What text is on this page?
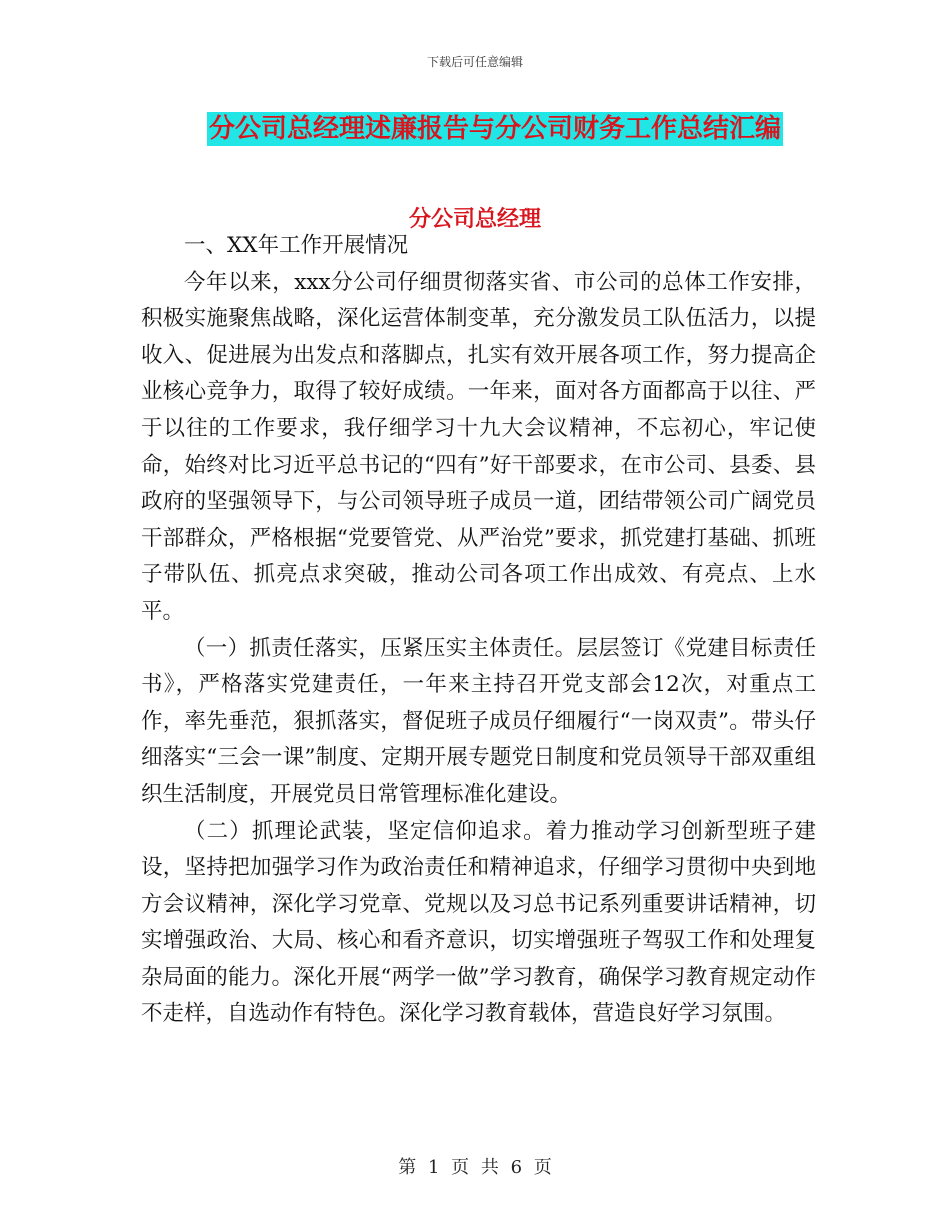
下载后可任意编辑
分公司总经理述廉报告与分公司财务工作总结汇编
分公司总经理

一、XX年工作开展情况

今年以来，xxx分公司仔细贯彻落实省、市公司的总体工作安排，积极实施聚焦战略，深化运营体制变革，充分激发员工队伍活力，以提收入、促进展为出发点和落脚点，扎实有效开展各项工作，努力提高企业核心竞争力，取得了较好成绩。一年来，面对各方面都高于以往、严于以往的工作要求，我仔细学习十九大会议精神，不忘初心，牢记使命，始终对比习近平总书记的“四有”好干部要求，在市公司、县委、县政府的坚强领导下，与公司领导班子成员一道，团结带领公司广阔党员干部群众，严格根据“党要管党、从严治党”要求，抓党建打基础、抓班子带队伍、抓亮点求突破，推动公司各项工作出成效、有亮点、上水平。

（一）抓责任落实，压紧压实主体责任。层层签订《党建目标责任书》，严格落实党建责任，一年来主持召开党支部会12次，对重点工作，率先垂范，狠抓落实，督促班子成员仔细履行“一岗双责”。带头仔细落实“三会一课”制度、定期开展专题党日制度和党员领导干部双重组织生活制度，开展党员日常管理标准化建设。

（二）抓理论武装，坚定信仰追求。着力推动学习创新型班子建设，坚持把加强学习作为政治责任和精神追求，仔细学习贯彻中央到地方会议精神，深化学习党章、党规以及习总书记系列重要讲话精神，切实增强政治、大局、核心和看齐意识，切实增强班子驾驭工作和处理复杂局面的能力。深化开展“两学一做”学习教育，确保学习教育规定动作不走样，自选动作有特色。深化学习教育载体，营造良好学习氛围。

第 1 页 共 6 页
